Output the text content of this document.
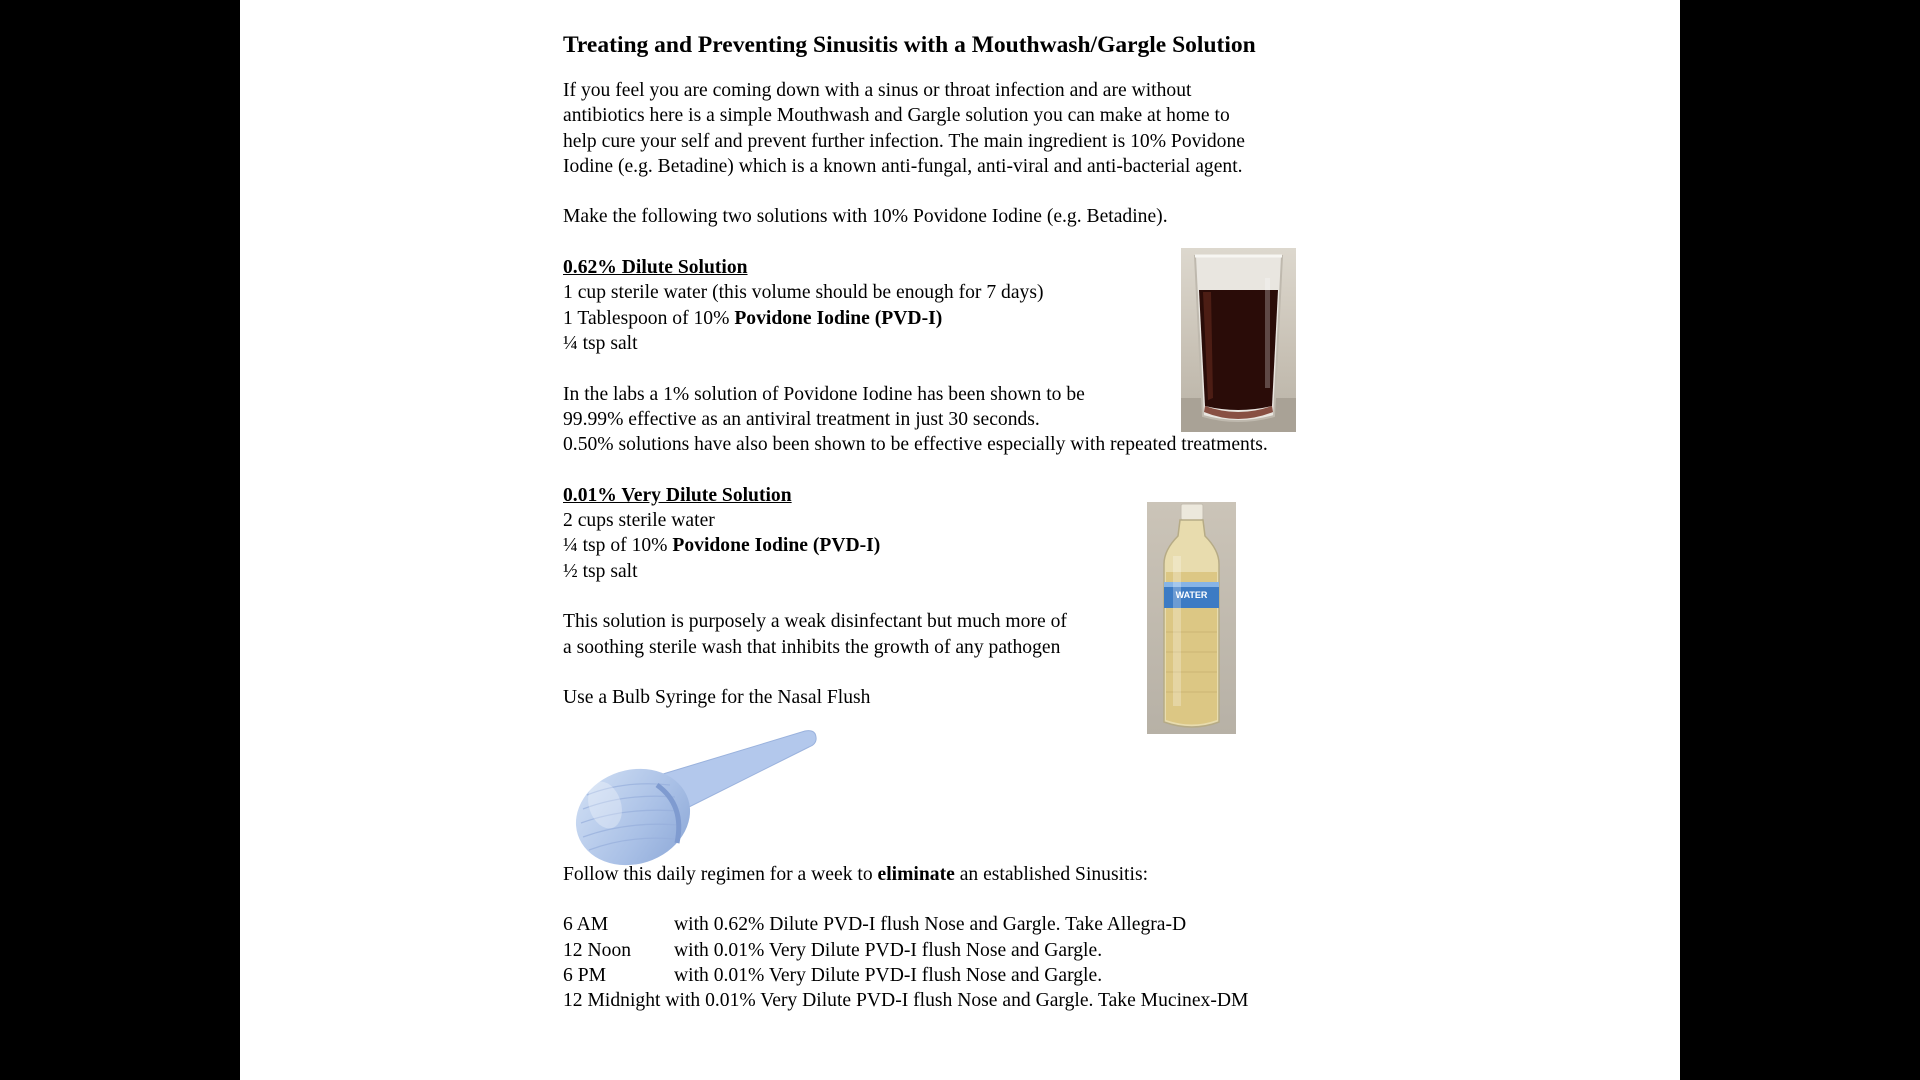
Treating and Preventing Sinusitis with a Mouthwash/Gargle Solution

If you feel you are coming down with a sinus or throat infection and are without
antibiotics here is a simple Mouthwash and Gargle solution you can make at home to
help cure your self and prevent further infection. The main ingredient is 10% Povidone
Iodine (e.g. Betadine) which is a known anti-fungal, anti-viral and anti-bacterial agent.

Make the following two solutions with 10% Povidone Iodine (e.g. Betadine).

0.62% Dilute Solution
1 cup sterile water (this volume should be enough for 7 days)
1 Tablespoon of 10% Povidone Iodine (PVD-I)
¼ tsp salt

In the labs a 1% solution of Povidone Iodine has been shown to be
99.99% effective as an antiviral treatment in just 30 seconds.
0.50% solutions have also been shown to be effective especially with repeated treatments.

0.01% Very Dilute Solution
2 cups sterile water
¼ tsp of 10% Povidone Iodine (PVD-I)
½ tsp salt

This solution is purposely a weak disinfectant but much more of
a soothing sterile wash that inhibits the growth of any pathogen

Use a Bulb Syringe for the Nasal Flush

Follow this daily regimen for a week to eliminate an established Sinusitis:

6 AM	with 0.62% Dilute PVD-I flush Nose and Gargle. Take Allegra-D
12 Noon with 0.01% Very Dilute PVD-I flush Nose and Gargle.
6 PM	with 0.01% Very Dilute PVD-I flush Nose and Gargle.
12 Midnight with 0.01% Very Dilute PVD-I flush Nose and Gargle. Take Mucinex-DM
WATER
